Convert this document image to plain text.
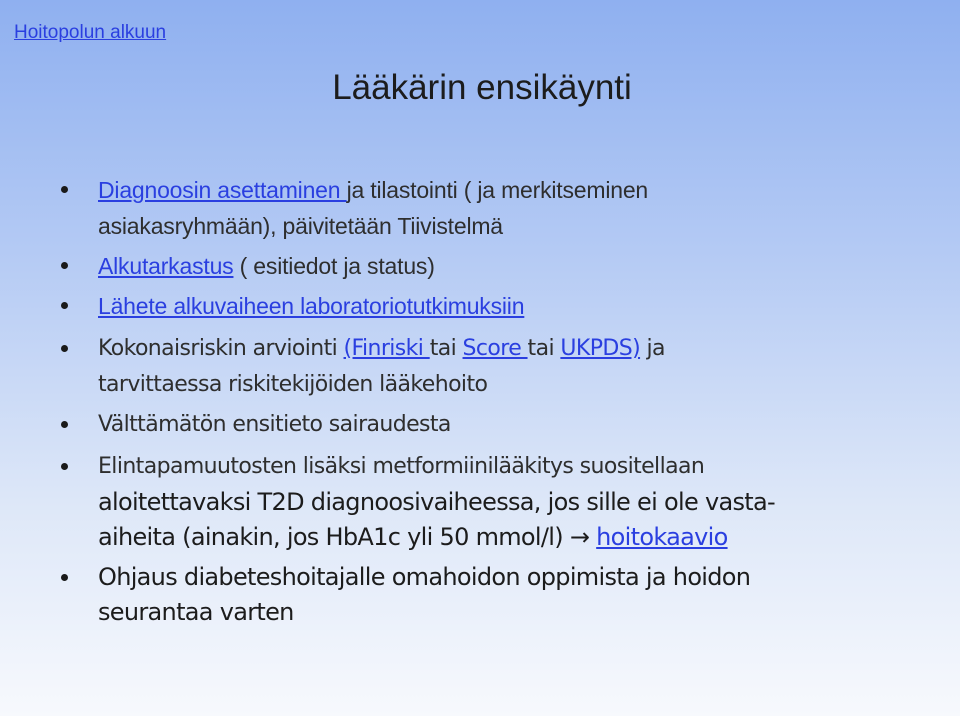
Hoitopolun alkuun
Lääkärin ensikäynti
Diagnoosin asettaminen ja tilastointi ( ja merkitseminen
asiakasryhmään), päivitetään Tiivistelmä
Alkutarkastus ( esitiedot ja status)
Lähete alkuvaiheen laboratoriotutkimuksiin
Kokonaisriskin arviointi (Finriski tai Score tai UKPDS) ja
tarvittaessa riskitekijöiden lääkehoito
Välttämätön ensitieto sairaudesta
Elintapamuutosten lisäksi metformiinilääkitys suositellaan
aloitettavaksi T2D diagnoosivaiheessa, jos sille ei ole vasta-
aiheita (ainakin, jos HbA1c yli 50 mmol/l) → hoitokaavio
Ohjaus diabeteshoitajalle omahoidon oppimista ja hoidon
seurantaa varten
